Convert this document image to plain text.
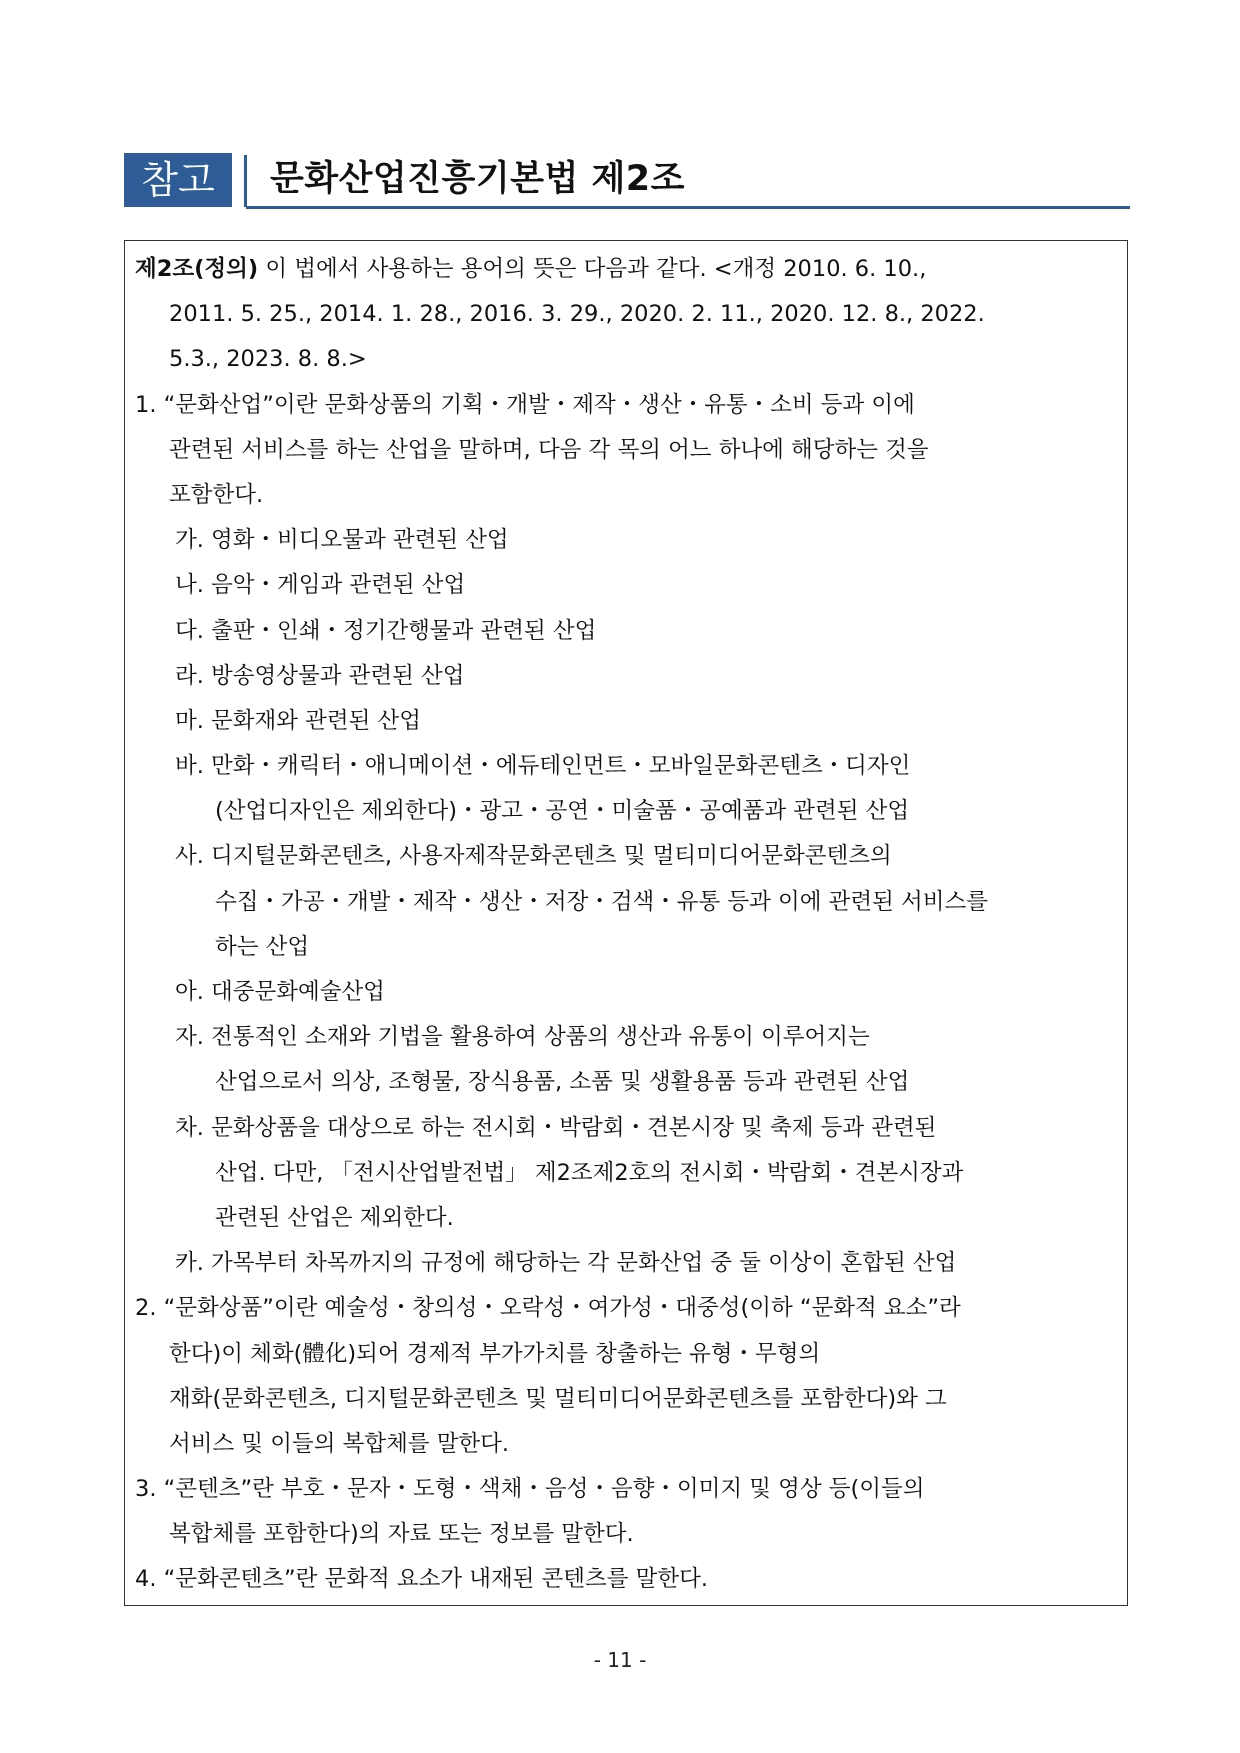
참고	문화산업진흥기본법 제2조
제2조(정의) 이 법에서 사용하는 용어의 뜻은 다음과 같다. <개정 2010. 6. 10.,
2011. 5. 25., 2014. 1. 28., 2016. 3. 29., 2020. 2. 11., 2020. 12. 8., 2022.
5.3., 2023. 8. 8.>
1. “문화산업”이란 문화상품의 기획・개발・제작・생산・유통・소비 등과 이에
관련된 서비스를 하는 산업을 말하며, 다음 각 목의 어느 하나에 해당하는 것을
포함한다.
가. 영화・비디오물과 관련된 산업
나. 음악・게임과 관련된 산업
다. 출판・인쇄・정기간행물과 관련된 산업
라. 방송영상물과 관련된 산업
마. 문화재와 관련된 산업
바. 만화・캐릭터・애니메이션・에듀테인먼트・모바일문화콘텐츠・디자인
(산업디자인은 제외한다)・광고・공연・미술품・공예품과 관련된 산업
사. 디지털문화콘텐츠, 사용자제작문화콘텐츠 및 멀티미디어문화콘텐츠의
수집・가공・개발・제작・생산・저장・검색・유통 등과 이에 관련된 서비스를
하는 산업
아. 대중문화예술산업
자. 전통적인 소재와 기법을 활용하여 상품의 생산과 유통이 이루어지는
산업으로서 의상, 조형물, 장식용품, 소품 및 생활용품 등과 관련된 산업
차. 문화상품을 대상으로 하는 전시회・박람회・견본시장 및 축제 등과 관련된
산업. 다만, 「전시산업발전법」 제2조제2호의 전시회・박람회・견본시장과
관련된 산업은 제외한다.
카. 가목부터 차목까지의 규정에 해당하는 각 문화산업 중 둘 이상이 혼합된 산업
2. “문화상품”이란 예술성・창의성・오락성・여가성・대중성(이하 “문화적 요소”라
한다)이 체화(體化)되어 경제적 부가가치를 창출하는 유형・무형의
재화(문화콘텐츠, 디지털문화콘텐츠 및 멀티미디어문화콘텐츠를 포함한다)와 그
서비스 및 이들의 복합체를 말한다.
3. “콘텐츠”란 부호・문자・도형・색채・음성・음향・이미지 및 영상 등(이들의
복합체를 포함한다)의 자료 또는 정보를 말한다.
4. “문화콘텐츠”란 문화적 요소가 내재된 콘텐츠를 말한다.
- 11 -
